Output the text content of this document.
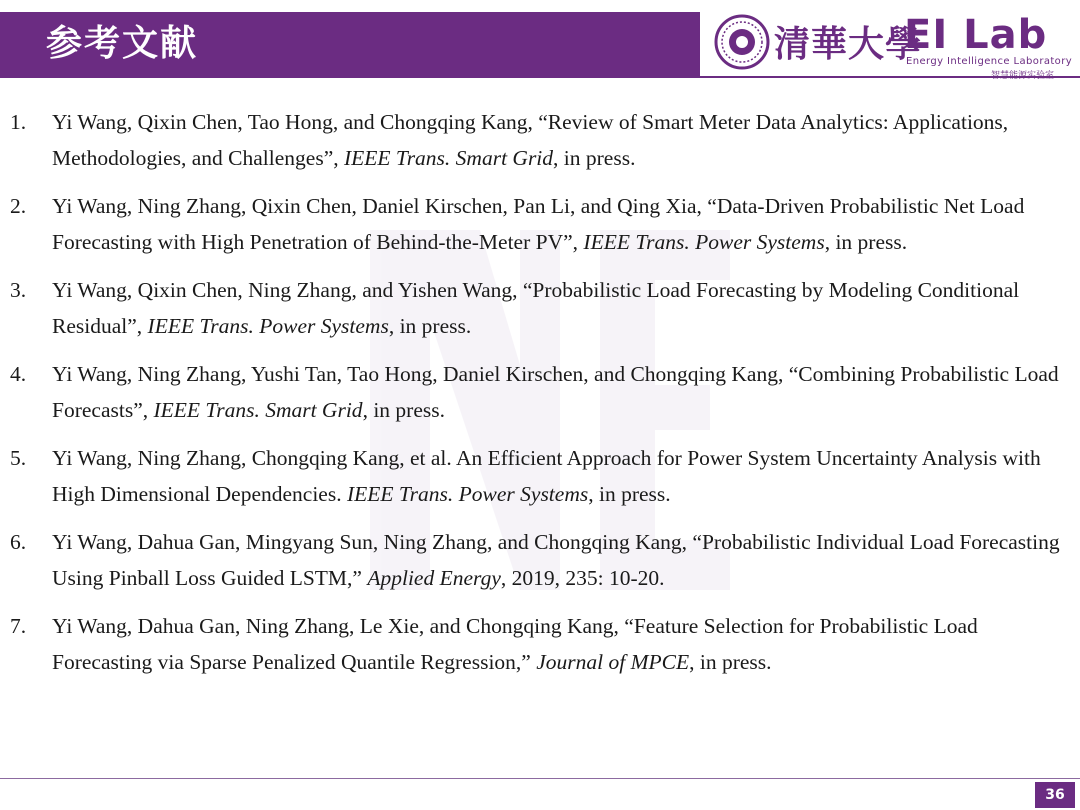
参考文献	清華大學
EI Lab
Energy Intelligence Laboratory
智慧能源实验室
1. Yi Wang, Qixin Chen, Tao Hong, and Chongqing Kang, “Review of Smart Meter Data Analytics: Applications, Methodologies, and Challenges”, IEEE Trans. Smart Grid, in press.
2. Yi Wang, Ning Zhang, Qixin Chen, Daniel Kirschen, Pan Li, and Qing Xia, “Data-Driven Probabilistic Net Load Forecasting with High Penetration of Behind-the-Meter PV”, IEEE Trans. Power Systems, in press.
3. Yi Wang, Qixin Chen, Ning Zhang, and Yishen Wang, “Probabilistic Load Forecasting by Modeling Conditional Residual”, IEEE Trans. Power Systems, in press.
4. Yi Wang, Ning Zhang, Yushi Tan, Tao Hong, Daniel Kirschen, and Chongqing Kang, “Combining Probabilistic Load Forecasts”, IEEE Trans. Smart Grid, in press.
5. Yi Wang, Ning Zhang, Chongqing Kang, et al. An Efficient Approach for Power System Uncertainty Analysis with High Dimensional Dependencies. IEEE Trans. Power Systems, in press.
6. Yi Wang, Dahua Gan, Mingyang Sun, Ning Zhang, and Chongqing Kang, “Probabilistic Individual Load Forecasting Using Pinball Loss Guided LSTM,” Applied Energy, 2019, 235: 10-20.
7. Yi Wang, Dahua Gan, Ning Zhang, Le Xie, and Chongqing Kang, “Feature Selection for Probabilistic Load Forecasting via Sparse Penalized Quantile Regression,” Journal of MPCE, in press.
36
